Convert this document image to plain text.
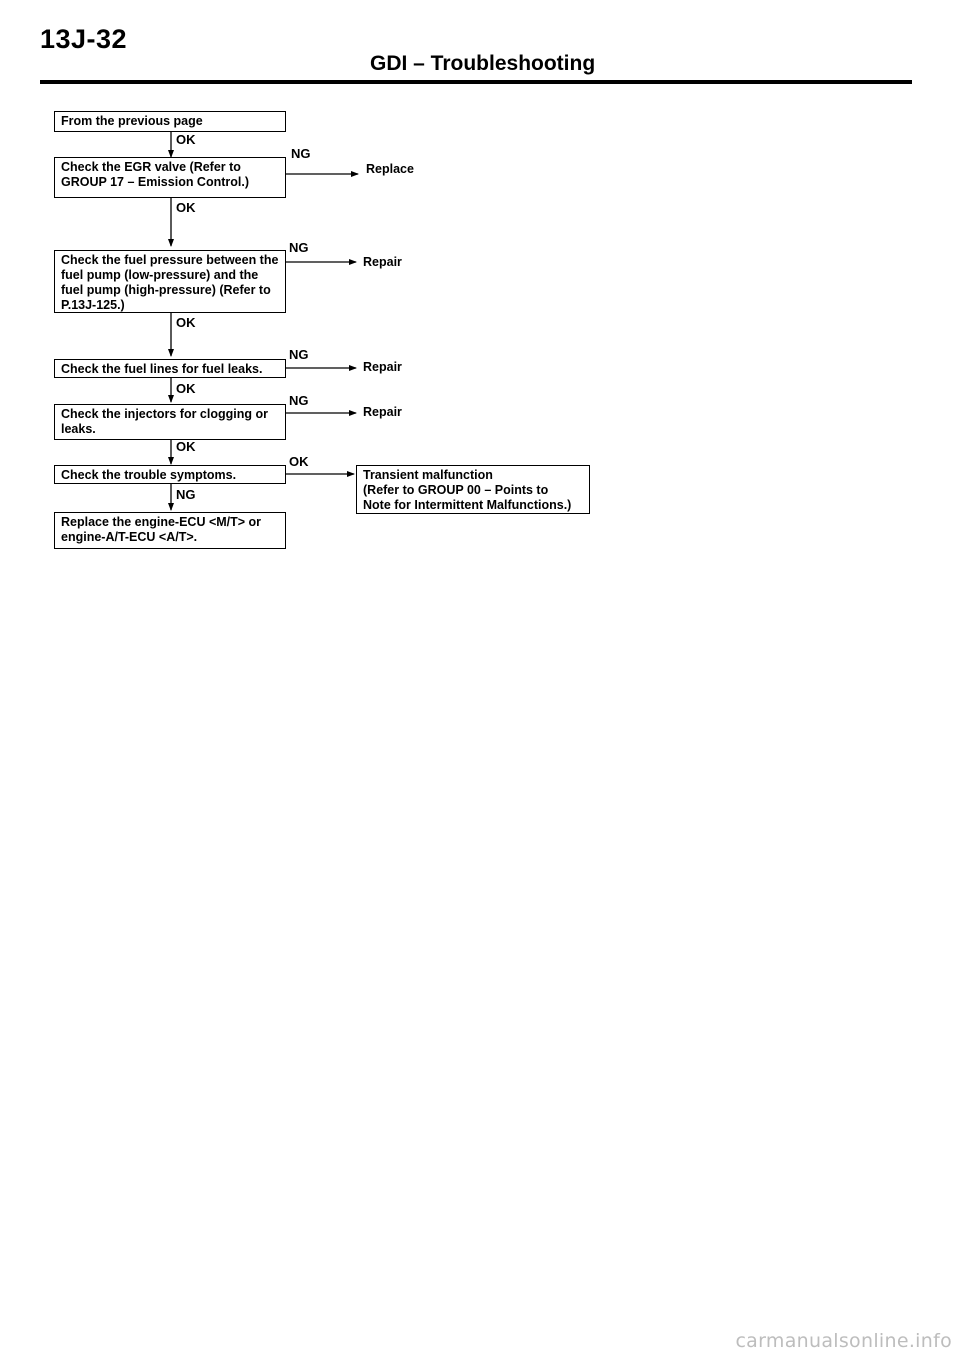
13J-32
GDI – Troubleshooting
From the previous page
Check the EGR valve (Refer to
GROUP 17 – Emission Control.)
Check the fuel pressure between the
fuel pump (low-pressure) and the
fuel pump (high-pressure) (Refer to
P.13J-125.)
Check the fuel lines for fuel leaks.
Check the injectors for clogging or
leaks.
Check the trouble symptoms.
Replace the engine-ECU <M/T> or
engine-A/T-ECU <A/T>.
Transient malfunction
(Refer to GROUP 00 – Points to
Note for Intermittent Malfunctions.)
OK
OK
OK
OK
OK
OK
NG
NG
NG
NG
NG
Replace
Repair
Repair
Repair
carmanualsonline.info
